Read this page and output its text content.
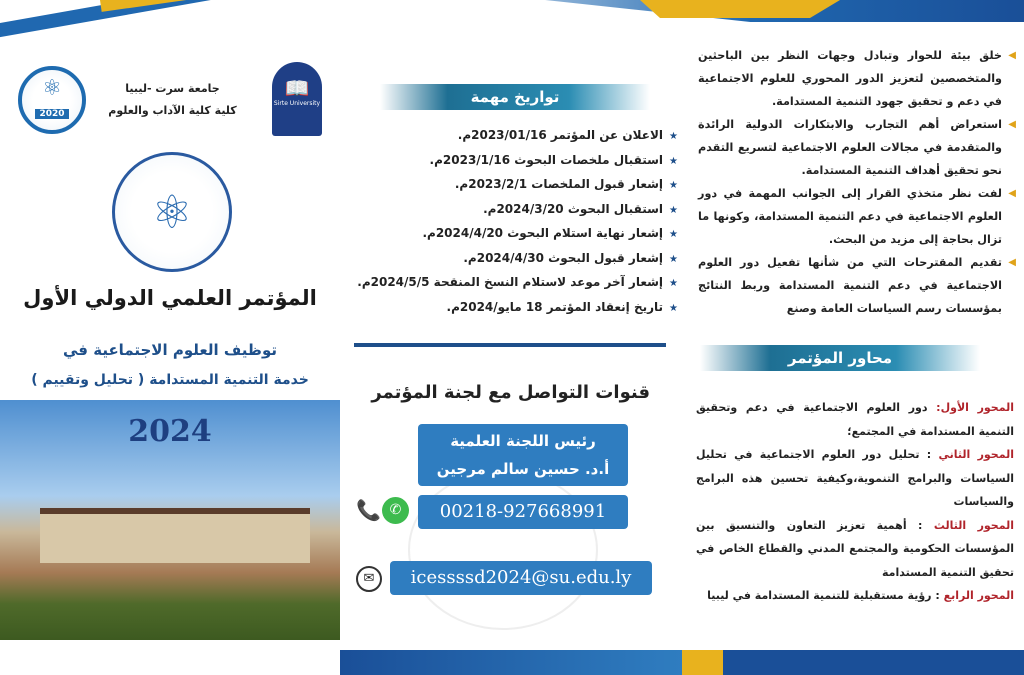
⚛
2020
جامعة سرت -ليبيا
كلية كلية الآداب والعلوم
📖
Sirte University
⚛
المؤتمر العلمي الدولي الأول
توظيف العلوم الاجتماعية في
خدمة التنمية المستدامة ( تحليل وتقييم )
2024
تواريخ مهمة
★الاعلان عن المؤتمر 2023/01/16م.
★استقبال ملخصات البحوث 2023/1/16م.
★إشعار قبول الملخصات 2023/2/1م.
★استقبال البحوث 2024/3/20م.
★إشعار نهاية استلام البحوث 2024/4/20م.
★إشعار قبول البحوث 2024/4/30م.
★إشعار آخر موعد لاستلام النسخ المنقحة 2024/5/5م.
★تاريخ إنعقاد المؤتمر 18 مايو/2024م.
قنوات التواصل مع لجنة المؤتمر
رئيس اللجنة العلمية
أ.د. حسين سالم مرجين
📞 ✆	00218-927668991
✉	icessssd2024@su.edu.ly
◀ خلق بيئة للحوار وتبادل وجهات النظر بين الباحثين والمتخصصين لتعزيز الدور المحوري للعلوم الاجتماعية في دعم و تحقيق جهود التنمية المستدامة.
◀ استعراض أهم التجارب والابتكارات الدولية الرائدة والمتقدمة في مجالات العلوم الاجتماعية لتسريع التقدم نحو تحقيق أهداف التنمية المستدامة.
◀ لفت نظر متخذي القرار إلى الجوانب المهمة في دور العلوم الاجتماعية في دعم التنمية المستدامة، وكونها ما تزال بحاجة إلى مزيد من البحث.
◀ تقديم المقترحات التي من شأنها تفعيل دور العلوم الاجتماعية في دعم التنمية المستدامة وربط النتائج بمؤسسات رسم السياسات العامة وصنع
محاور المؤتمر
المحور الأول: دور العلوم الاجتماعية في دعم وتحقيق التنمية المستدامة في المجتمع؛
المحور الثاني : تحليل دور العلوم الاجتماعية في تحليل السياسات والبرامج التنموية،وكيفية تحسين هذه البرامج والسياسات
المحور الثالث : أهمية تعزيز التعاون والتنسيق بين المؤسسات الحكومية والمجتمع المدني والقطاع الخاص في تحقيق التنمية المستدامة
المحور الرابع : رؤية مستقبلية للتنمية المستدامة في ليبيا
